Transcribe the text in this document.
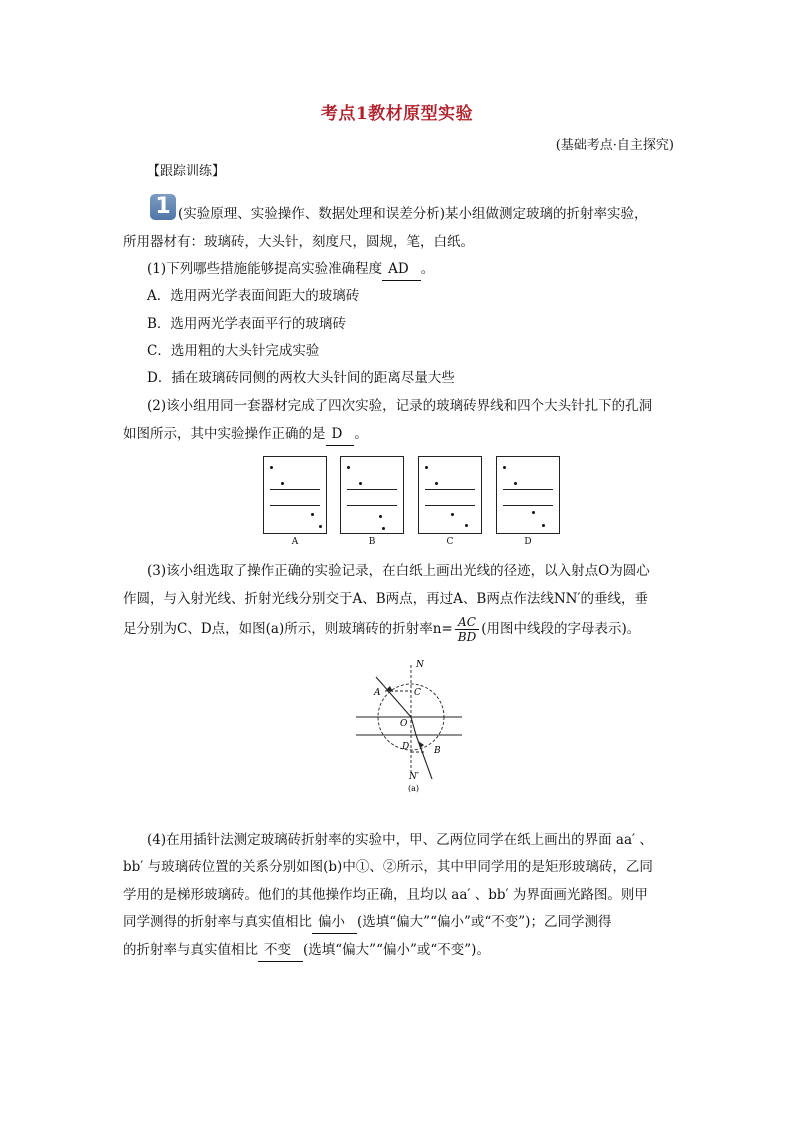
考点1教材原型实验
(基础考点·自主探究)
【跟踪训练】
1 (实验原理、实验操作、数据处理和误差分析)某小组做测定玻璃的折射率实验，
所用器材有：玻璃砖，大头针，刻度尺，圆规，笔，白纸。
(1)下列哪些措施能够提高实验准确程度 AD 。
A．选用两光学表面间距大的玻璃砖
B．选用两光学表面平行的玻璃砖
C．选用粗的大头针完成实验
D．插在玻璃砖同侧的两枚大头针间的距离尽量大些
(2)该小组用同一套器材完成了四次实验，记录的玻璃砖界线和四个大头针扎下的孔洞
如图所示，其中实验操作正确的是 D 。
A	B	C	D
(3)该小组选取了操作正确的实验记录，在白纸上画出光线的径迹，以入射点O为圆心
作圆，与入射光线、折射光线分别交于A、B两点，再过A、B两点作法线NN′的垂线，垂
足分别为C、D点，如图(a)所示，则玻璃砖的折射率$n= \frac{AC}{BD}$ (用图中线段的字母表示)。
N
A	C
O
D	B
N′
(a)
(4)在用插针法测定玻璃砖折射率的实验中，甲、乙两位同学在纸上画出的界面 aa′ 、
bb′ 与玻璃砖位置的关系分别如图(b)中①、②所示，其中甲同学用的是矩形玻璃砖，乙同
学用的是梯形玻璃砖。他们的其他操作均正确，且均以 aa′ 、bb′ 为界面画光路图。则甲
同学测得的折射率与真实值相比 偏小 (选填“偏大”“偏小”或“不变”)；乙同学测得
的折射率与真实值相比 不变 (选填“偏大”“偏小”或“不变”)。
